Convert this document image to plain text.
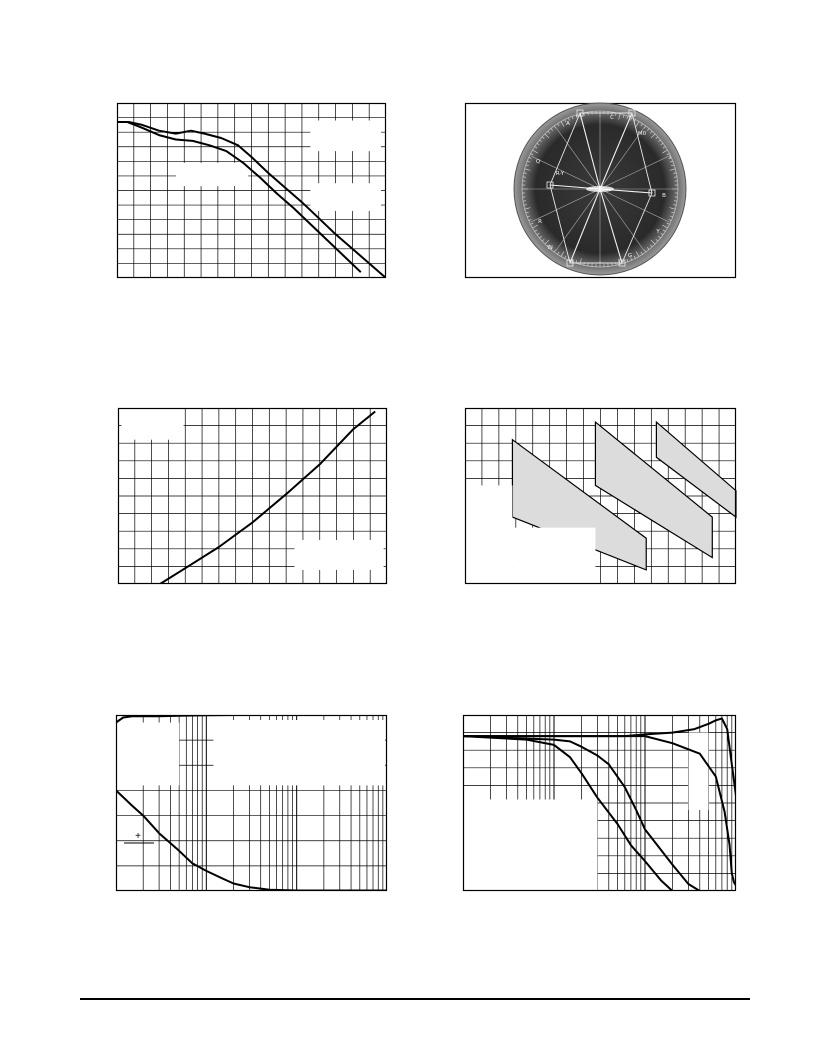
M0
B
A
I
Q
G
R
Y
R-Y
W
C
+
